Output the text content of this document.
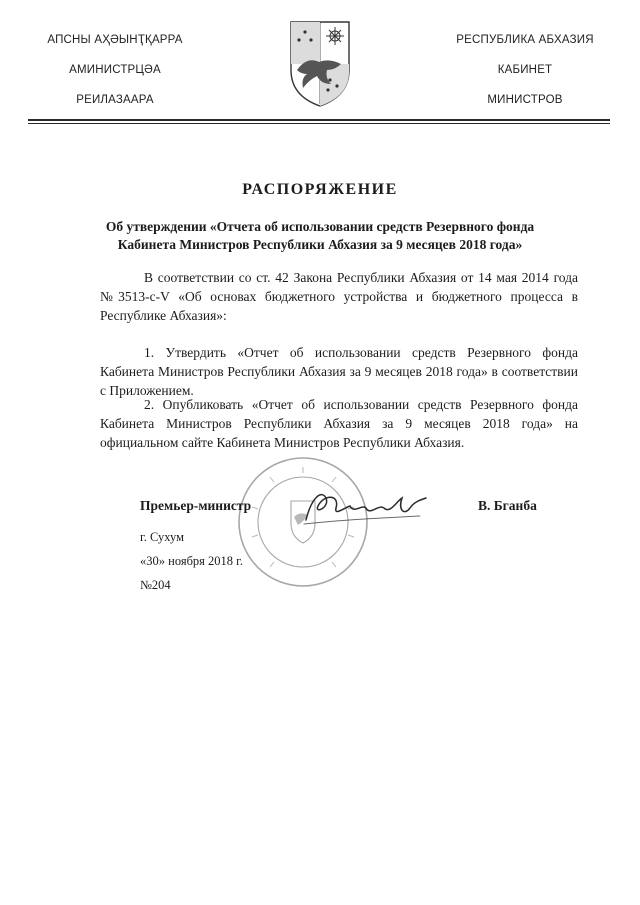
АПСНЫ АҲӘЫНҬҚАРРА
АМИНИСТРЦӘА
РЕИЛАЗААРА
РЕСПУБЛИКА АБХАЗИЯ
КАБИНЕТ
МИНИСТРОВ
РАСПОРЯЖЕНИЕ
Об утверждении «Отчета об использовании средств Резервного фонда
Кабинета Министров Республики Абхазия за 9 месяцев 2018 года»
В соответствии со ст. 42 Закона Республики Абхазия от 14 мая 2014 года №3513-с-V «Об основах бюджетного устройства и бюджетного процесса в Республике Абхазия»:
1. Утвердить «Отчет об использовании средств Резервного фонда Кабинета Министров Республики Абхазия за 9 месяцев 2018 года» в соответствии с Приложением.
2. Опубликовать «Отчет об использовании средств Резервного фонда Кабинета Министров Республики Абхазия за 9 месяцев 2018 года» на официальном сайте Кабинета Министров Республики Абхазия.
Премьер-министр	В. Бганба
г. Сухум
«30» ноября 2018 г.
№204
